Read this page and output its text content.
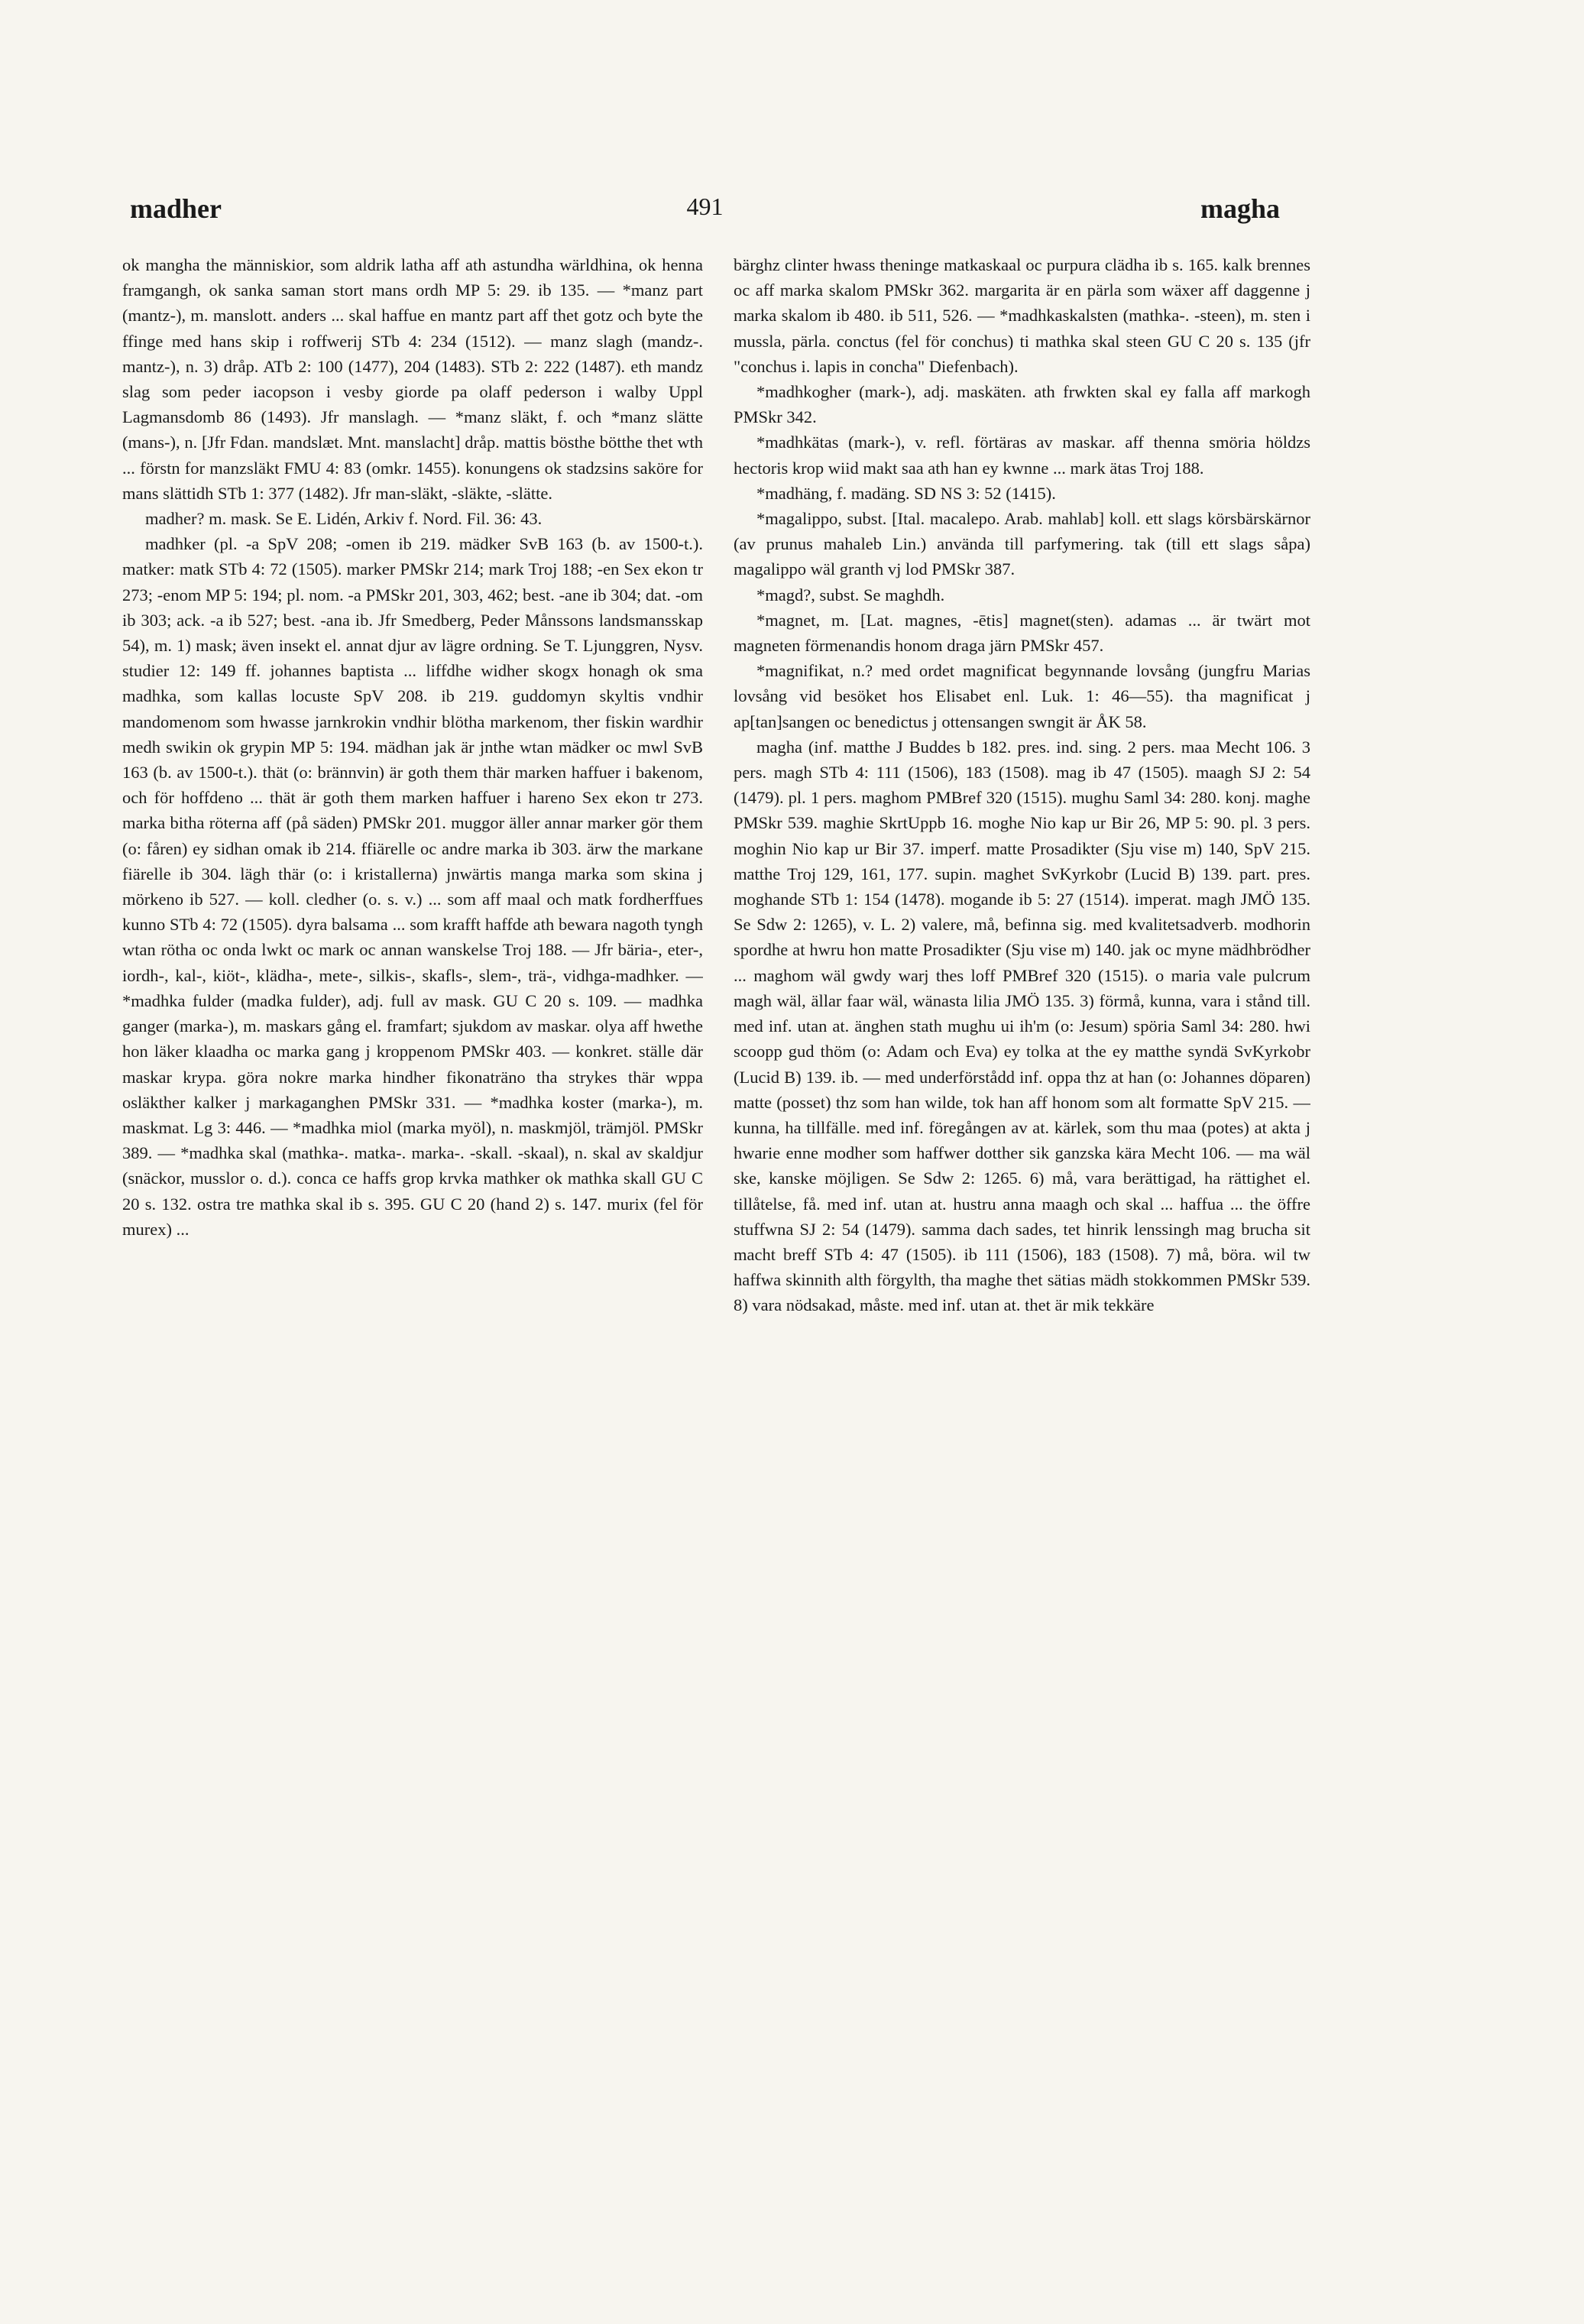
491
madher	magha

ok mangha the människior, som aldrik latha aff ath astundha wärldhina, ok henna framgangh, ok sanka saman stort mans ordh MP 5: 29. ib 135. — *manz part (mantz-), m. manslott. anders ... skal haffue en mantz part aff thet gotz och byte the ffinge med hans skip i roffwerij STb 4: 234 (1512). — manz slagh (mandz-. mantz-), n. 3) dråp. ATb 2: 100 (1477), 204 (1483). STb 2: 222 (1487). eth mandz slag som peder iacopson i vesby giorde pa olaff pederson i walby Uppl Lagmansdomb 86 (1493). Jfr manslagh. — *manz släkt, f. och *manz slätte (mans-), n. [Jfr Fdan. mandslæt. Mnt. manslacht] dråp. mattis bösthe bötthe thet wth ... förstn for manzsläkt FMU 4: 83 (omkr. 1455). konungens ok stadzsins saköre for mans slättidh STb 1: 377 (1482). Jfr man-släkt, -släkte, -slätte.

madher? m. mask. Se E. Lidén, Arkiv f. Nord. Fil. 36: 43.

madhker (pl. -a SpV 208; -omen ib 219. mädker SvB 163 (b. av 1500-t.). matker: matk STb 4: 72 (1505). marker PMSkr 214; mark Troj 188; -en Sex ekon tr 273; -enom MP 5: 194; pl. nom. -a PMSkr 201, 303, 462; best. -ane ib 304; dat. -om ib 303; ack. -a ib 527; best. -ana ib. Jfr Smedberg, Peder Månssons landsmansskap 54), m. 1) mask; även insekt el. annat djur av lägre ordning. Se T. Ljunggren, Nysv. studier 12: 149 ff. johannes baptista ... liffdhe widher skogx honagh ok sma madhka, som kallas locuste SpV 208. ib 219. guddomyn skyltis vndhir mandomenom som hwasse jarnkrokin vndhir blötha markenom, ther fiskin wardhir medh swikin ok grypin MP 5: 194. mädhan jak är jnthe wtan mädker oc mwl SvB 163 (b. av 1500-t.). thät (o: brännvin) är goth them thär marken haffuer i bakenom, och för hoffdeno ... thät är goth them marken haffuer i hareno Sex ekon tr 273. marka bitha röterna aff (på säden) PMSkr 201. muggor äller annar marker gör them (o: fåren) ey sidhan omak ib 214. ffiärelle oc andre marka ib 303. ärw the markane fiärelle ib 304. lägh thär (o: i kristallerna) jnwärtis manga marka som skina j mörkeno ib 527. — koll. cledher (o. s. v.) ... som aff maal och matk fordherffues kunno STb 4: 72 (1505). dyra balsama ... som krafft haffde ath bewara nagoth tyngh wtan rötha oc onda lwkt oc mark oc annan wanskelse Troj 188. — Jfr bäria-, eter-, iordh-, kal-, kiöt-, klädha-, mete-, silkis-, skafls-, slem-, trä-, vidhga-madhker. — *madhka fulder (madka fulder), adj. full av mask. GU C 20 s. 109. — madhka ganger (marka-), m. maskars gång el. framfart; sjukdom av maskar. olya aff hwethe hon läker klaadha oc marka gang j kroppenom PMSkr 403. — konkret. ställe där maskar krypa. göra nokre marka hindher fikonaträno tha strykes thär wppa osläkther kalker j markaganghen PMSkr 331. — *madhka koster (marka-), m. maskmat. Lg 3: 446. — *madhka miol (marka myöl), n. maskmjöl, trämjöl. PMSkr 389. — *madhka skal (mathka-. matka-. marka-. -skall. -skaal), n. skal av skaldjur (snäckor, musslor o. d.). conca ce haffs grop krvka mathker ok mathka skall GU C 20 s. 132. ostra tre mathka skal ib s. 395. GU C 20 (hand 2) s. 147. murix (fel för murex) ...

bärghz clinter hwass theninge matkaskaal oc purpura clädha ib s. 165. kalk brennes oc aff marka skalom PMSkr 362. margarita är en pärla som wäxer aff daggenne j marka skalom ib 480. ib 511, 526. — *madhkaskalsten (mathka-. -steen), m. sten i mussla, pärla. conctus (fel för conchus) ti mathka skal steen GU C 20 s. 135 (jfr "conchus i. lapis in concha" Diefenbach).

*madhkogher (mark-), adj. maskäten. ath frwkten skal ey falla aff markogh PMSkr 342.

*madhkätas (mark-), v. refl. förtäras av maskar. aff thenna smöria höldzs hectoris krop wiid makt saa ath han ey kwnne ... mark ätas Troj 188.

*madhäng, f. madäng. SD NS 3: 52 (1415).

*magalippo, subst. [Ital. macalepo. Arab. mahlab] koll. ett slags körsbärskärnor (av prunus mahaleb Lin.) använda till parfymering. tak (till ett slags såpa) magalippo wäl granth vj lod PMSkr 387.

*magd?, subst. Se maghdh.

*magnet, m. [Lat. magnes, -ētis] magnet(sten). adamas ... är twärt mot magneten förmenandis honom draga järn PMSkr 457.

*magnifikat, n.? med ordet magnificat begynnande lovsång (jungfru Marias lovsång vid besöket hos Elisabet enl. Luk. 1: 46—55). tha magnificat j ap[tan]sangen oc benedictus j ottensangen swngit är ÅK 58.

magha (inf. matthe J Buddes b 182. pres. ind. sing. 2 pers. maa Mecht 106. 3 pers. magh STb 4: 111 (1506), 183 (1508). mag ib 47 (1505). maagh SJ 2: 54 (1479). pl. 1 pers. maghom PMBref 320 (1515). mughu Saml 34: 280. konj. maghe PMSkr 539. maghie SkrtUppb 16. moghe Nio kap ur Bir 26, MP 5: 90. pl. 3 pers. moghin Nio kap ur Bir 37. imperf. matte Prosadikter (Sju vise m) 140, SpV 215. matthe Troj 129, 161, 177. supin. maghet SvKyrkobr (Lucid B) 139. part. pres. moghande STb 1: 154 (1478). mogande ib 5: 27 (1514). imperat. magh JMÖ 135. Se Sdw 2: 1265), v. L. 2) valere, må, befinna sig. med kvalitetsadverb. modhorin spordhe at hwru hon matte Prosadikter (Sju vise m) 140. jak oc myne mädhbrödher ... maghom wäl gwdy warj thes loff PMBref 320 (1515). o maria vale pulcrum magh wäl, ällar faar wäl, wänasta lilia JMÖ 135. 3) förmå, kunna, vara i stånd till. med inf. utan at. änghen stath mughu ui ih'm (o: Jesum) spöria Saml 34: 280. hwi scoopp gud thöm (o: Adam och Eva) ey tolka at the ey matthe syndä SvKyrkobr (Lucid B) 139. ib. — med underförstådd inf. oppa thz at han (o: Johannes döparen) matte (posset) thz som han wilde, tok han aff honom som alt formatte SpV 215. — kunna, ha tillfälle. med inf. föregången av at. kärlek, som thu maa (potes) at akta j hwarie enne modher som haffwer dotther sik ganzska kära Mecht 106. — ma wäl ske, kanske möjligen. Se Sdw 2: 1265. 6) må, vara berättigad, ha rättighet el. tillåtelse, få. med inf. utan at. hustru anna maagh och skal ... haffua ... the öffre stuffwna SJ 2: 54 (1479). samma dach sades, tet hinrik lenssingh mag brucha sit macht breff STb 4: 47 (1505). ib 111 (1506), 183 (1508). 7) må, böra. wil tw haffwa skinnith alth förgylth, tha maghe thet sätias mädh stokkommen PMSkr 539. 8) vara nödsakad, måste. med inf. utan at. thet är mik tekkäre
